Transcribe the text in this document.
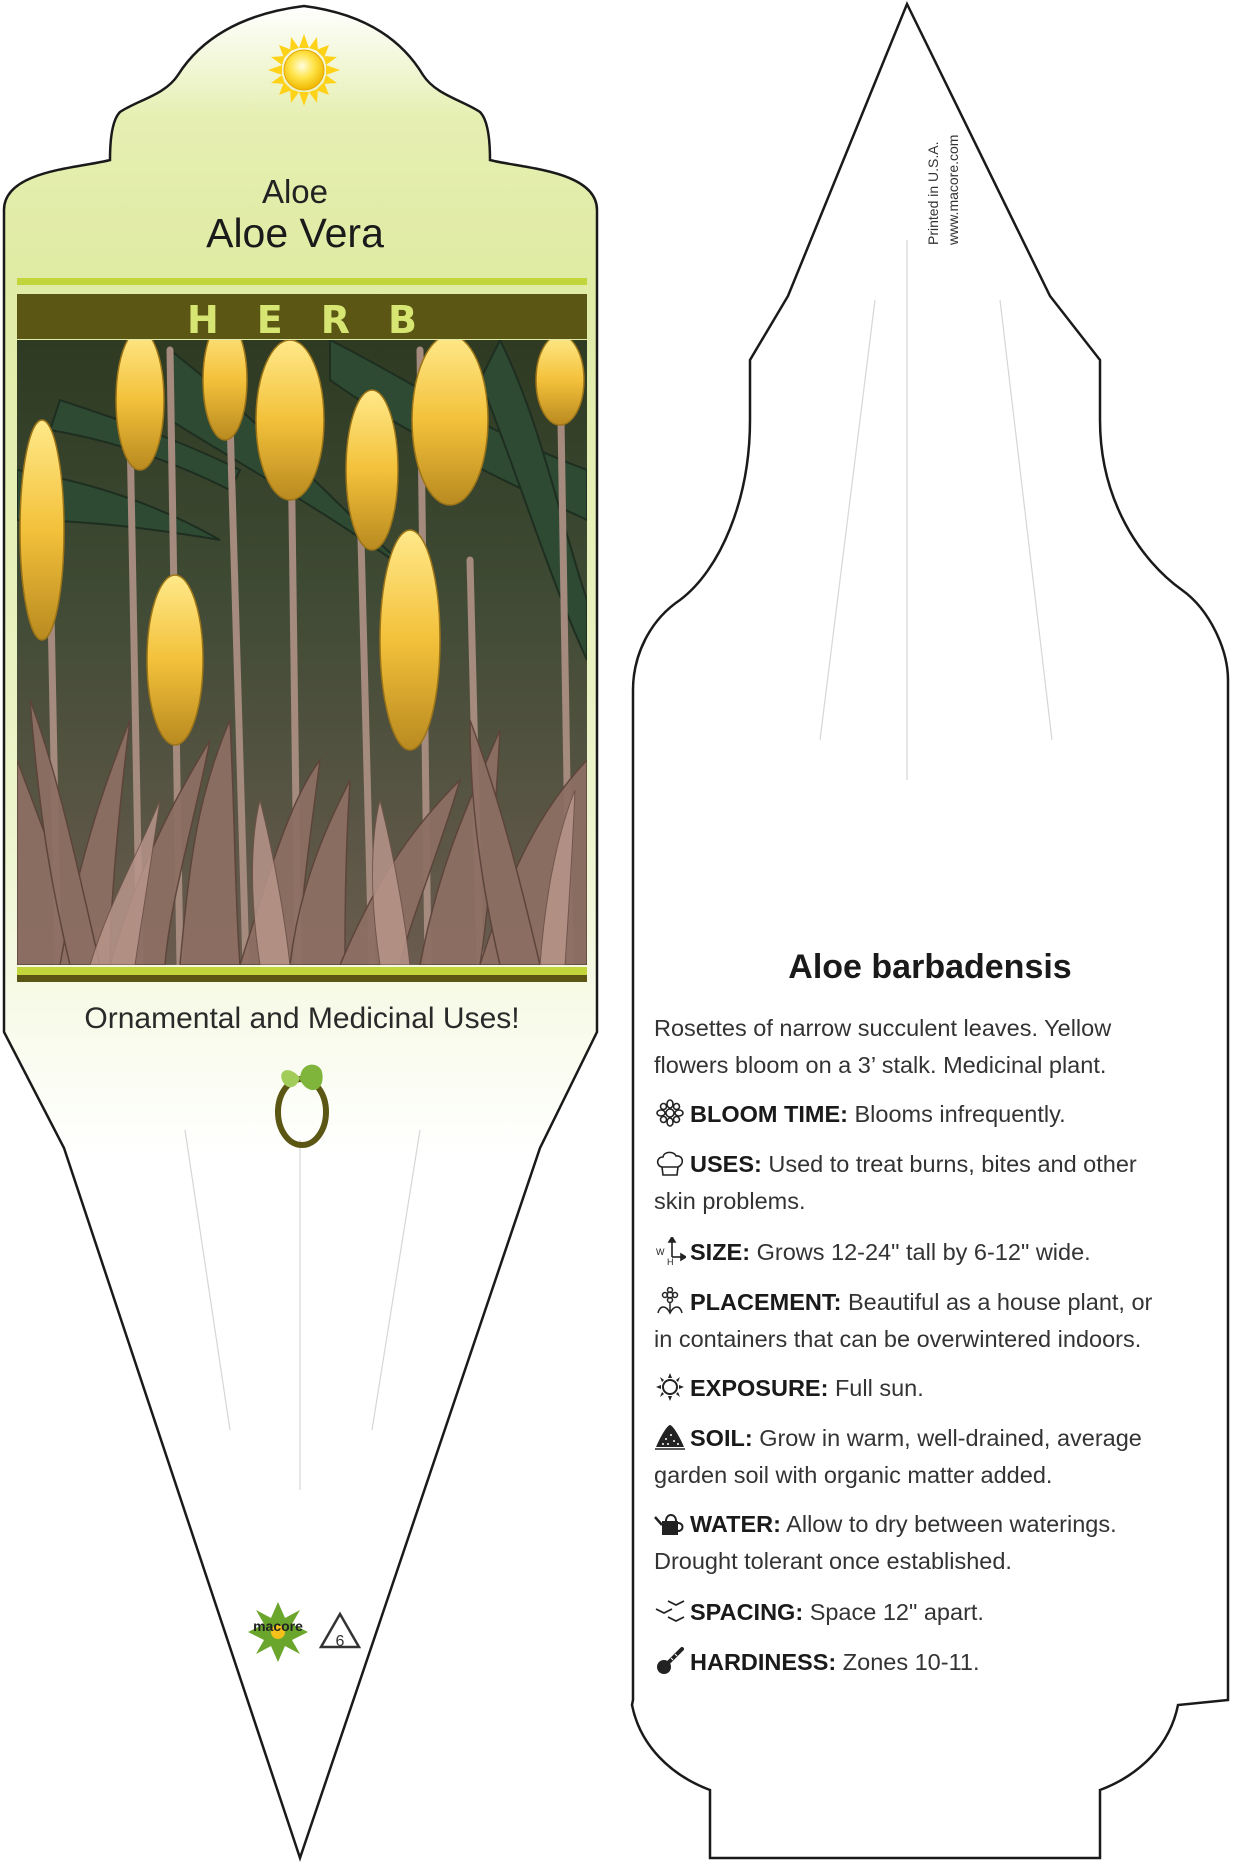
6
Aloe
Aloe Vera
HERB
Ornamental and Medicinal Uses!
macore
Printed in U.S.A. www.macore.com
Aloe barbadensis
Rosettes of narrow succulent leaves. Yellow flowers bloom on a 3’ stalk. Medicinal plant.
BLOOM TIME: Blooms infrequently.
USES: Used to treat burns, bites and other skin problems.
W
H SIZE: Grows 12-24" tall by 6-12" wide.
PLACEMENT: Beautiful as a house plant, or in containers that can be overwintered indoors.
EXPOSURE: Full sun.
SOIL: Grow in warm, well-drained, average garden soil with organic matter added.
WATER: Allow to dry between waterings. Drought tolerant once established.
SPACING: Space 12" apart.
HARDINESS: Zones 10-11.
